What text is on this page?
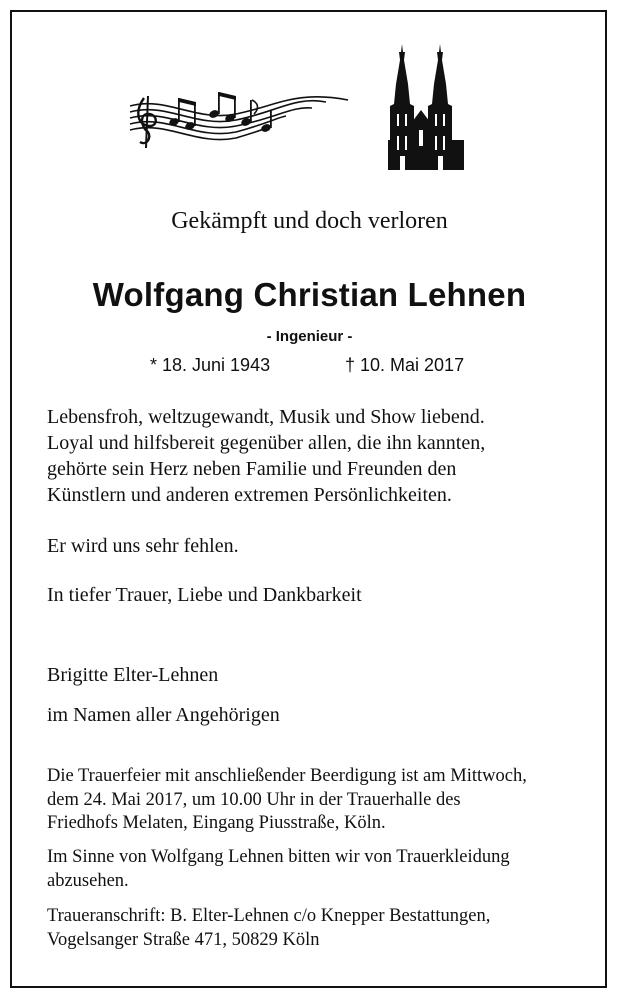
Gekämpft und doch verloren

Wolfgang Christian Lehnen

- Ingenieur -

* 18. Juni 1943	† 10. Mai 2017

Lebensfroh, weltzugewandt, Musik und Show liebend.
Loyal und hilfsbereit gegenüber allen, die ihn kannten,
gehörte sein Herz neben Familie und Freunden den
Künstlern und anderen extremen Persönlichkeiten.

Er wird uns sehr fehlen.

In tiefer Trauer, Liebe und Dankbarkeit

Brigitte Elter-Lehnen

im Namen aller Angehörigen

Die Trauerfeier mit anschließender Beerdigung ist am Mittwoch,
dem 24. Mai 2017, um 10.00 Uhr in der Trauerhalle des
Friedhofs Melaten, Eingang Piusstraße, Köln.
Im Sinne von Wolfgang Lehnen bitten wir von Trauerkleidung
abzusehen.
Traueranschrift: B. Elter-Lehnen c/o Knepper Bestattungen,
Vogelsanger Straße 471, 50829 Köln
